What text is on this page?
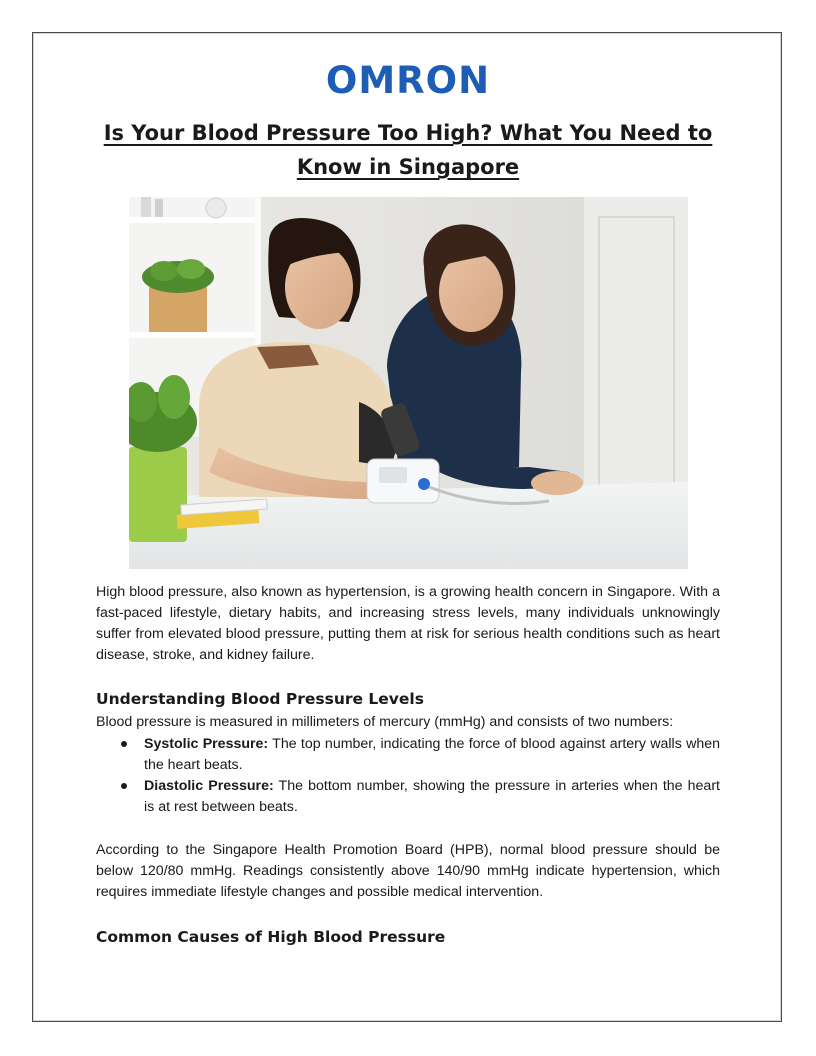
OMRON
Is Your Blood Pressure Too High? What You Need to Know in Singapore

High blood pressure, also known as hypertension, is a growing health concern in Singapore. With a fast-paced lifestyle, dietary habits, and increasing stress levels, many individuals unknowingly suffer from elevated blood pressure, putting them at risk for serious health conditions such as heart disease, stroke, and kidney failure.

Understanding Blood Pressure Levels

Blood pressure is measured in millimeters of mercury (mmHg) and consists of two numbers:

Systolic Pressure: The top number, indicating the force of blood against artery walls when the heart beats.
Diastolic Pressure: The bottom number, showing the pressure in arteries when the heart is at rest between beats.

According to the Singapore Health Promotion Board (HPB), normal blood pressure should be below 120/80 mmHg. Readings consistently above 140/90 mmHg indicate hypertension, which requires immediate lifestyle changes and possible medical intervention.

Common Causes of High Blood Pressure
